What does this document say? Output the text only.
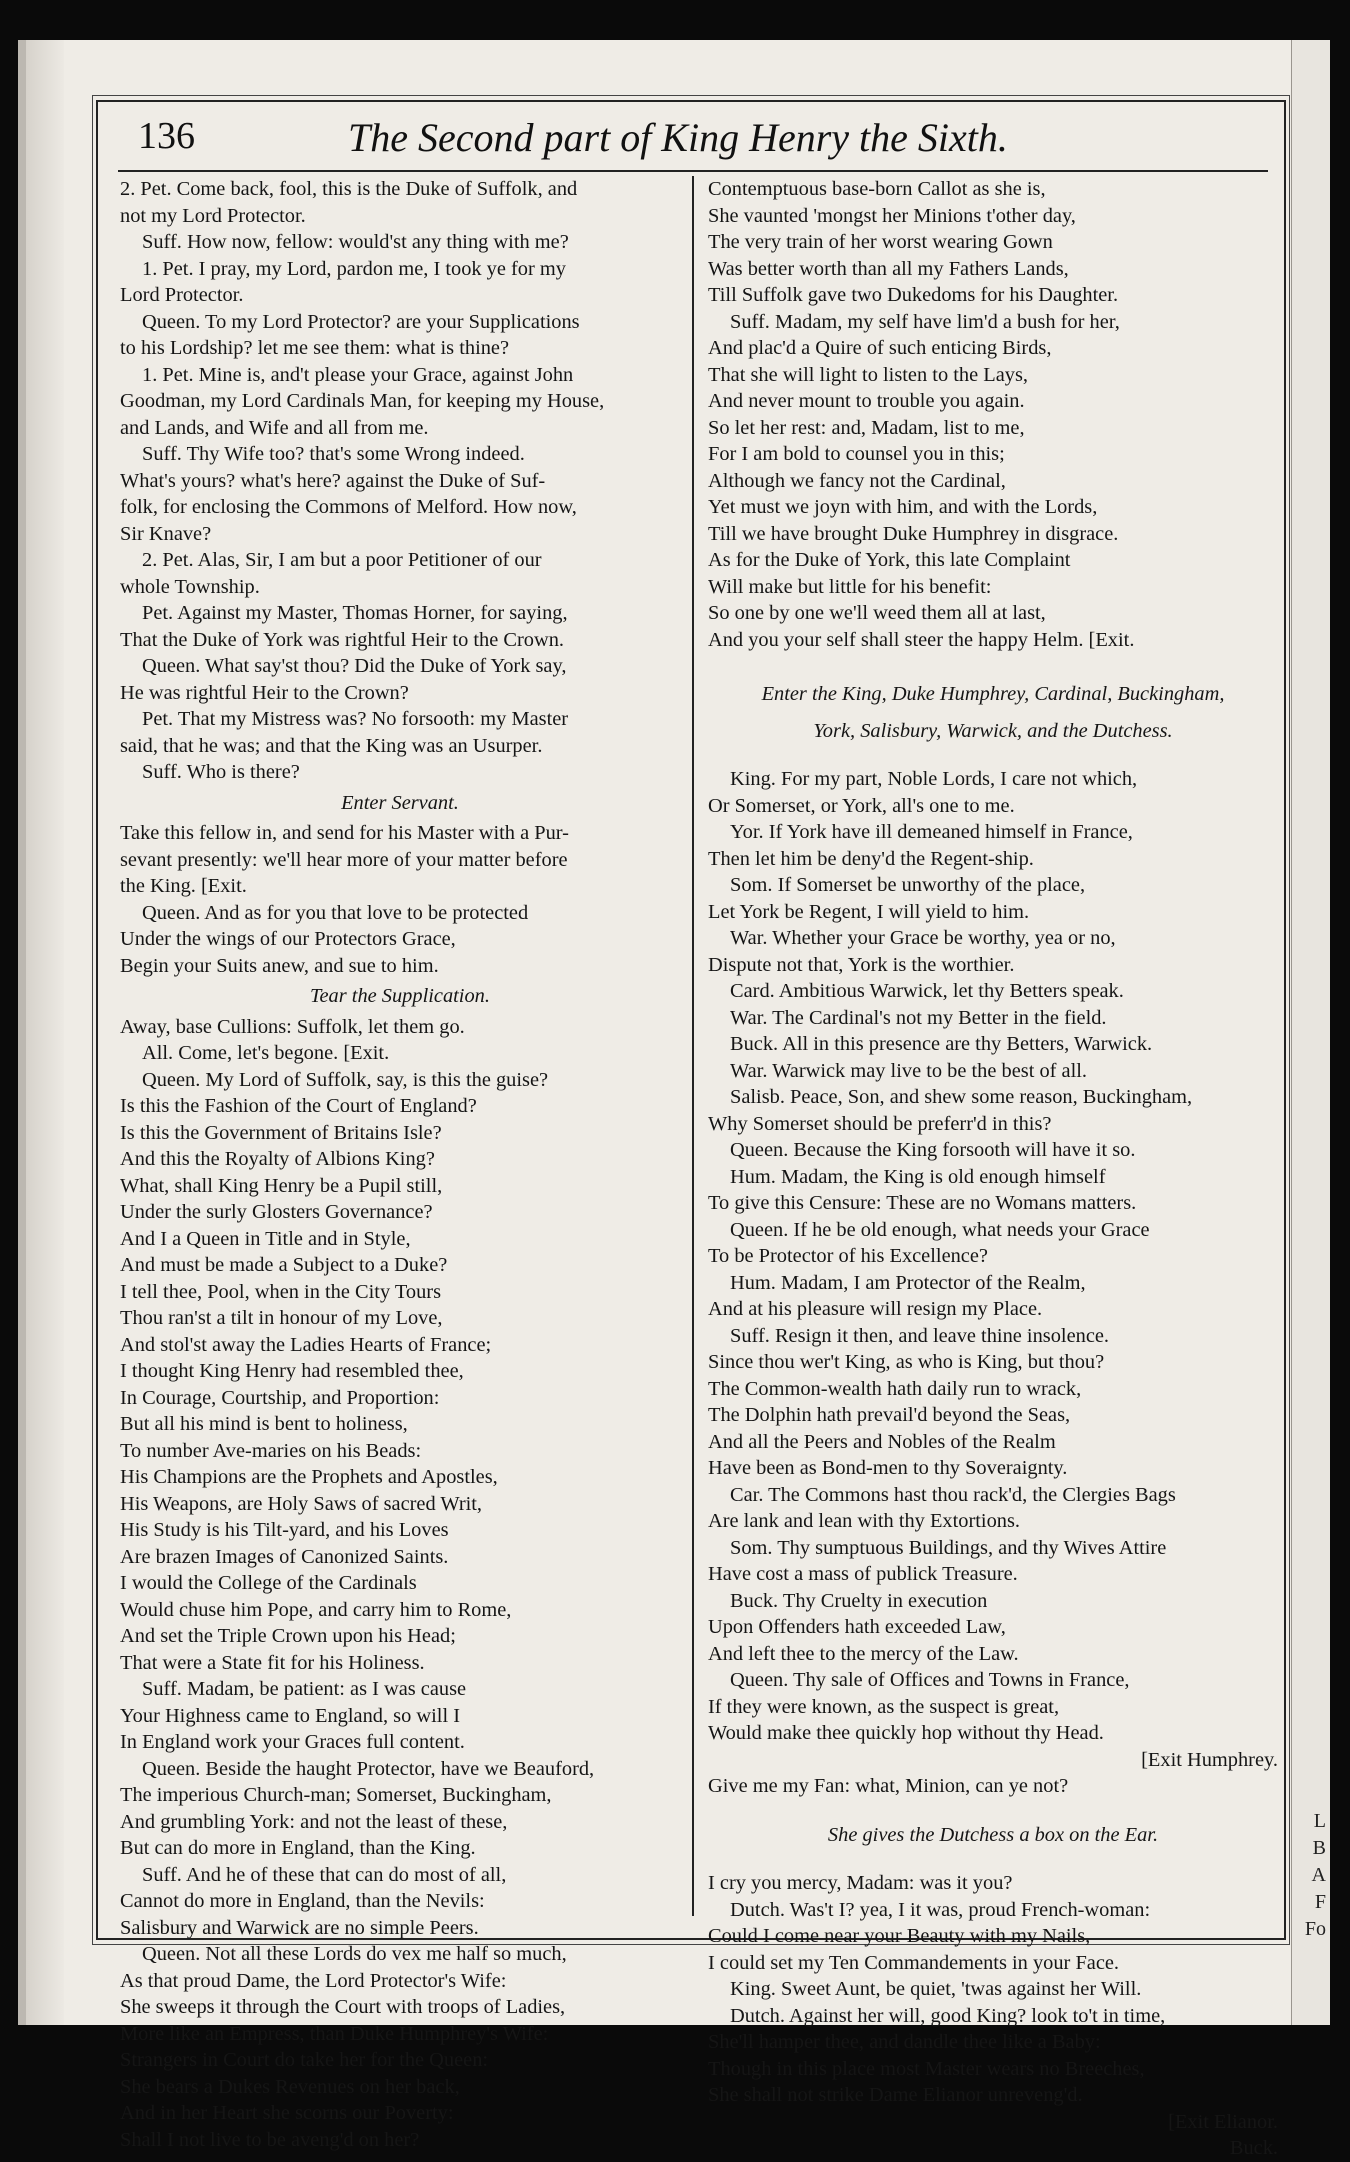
L
B
A
F
Fo
136	The Second part of King Henry the Sixth.

2. Pet. Come back, fool, this is the Duke of Suffolk, and

not my Lord Protector.

Suff. How now, fellow: would'st any thing with me?

1. Pet. I pray, my Lord, pardon me, I took ye for my

Lord Protector.

Queen. To my Lord Protector? are your Supplications

to his Lordship? let me see them: what is thine?

1. Pet. Mine is, and't please your Grace, against John

Goodman, my Lord Cardinals Man, for keeping my House,

and Lands, and Wife and all from me.

Suff. Thy Wife too? that's some Wrong indeed.

What's yours? what's here? against the Duke of Suf-

folk, for enclosing the Commons of Melford. How now,

Sir Knave?

2. Pet. Alas, Sir, I am but a poor Petitioner of our

whole Township.

Pet. Against my Master, Thomas Horner, for saying,

That the Duke of York was rightful Heir to the Crown.

Queen. What say'st thou? Did the Duke of York say,

He was rightful Heir to the Crown?

Pet. That my Mistress was? No forsooth: my Master

said, that he was; and that the King was an Usurper.

Suff. Who is there?

Enter Servant.

Take this fellow in, and send for his Master with a Pur-

sevant presently: we'll hear more of your matter before

the King. [Exit.

Queen. And as for you that love to be protected

Under the wings of our Protectors Grace,

Begin your Suits anew, and sue to him.

Tear the Supplication.

Away, base Cullions: Suffolk, let them go.

All. Come, let's begone. [Exit.

Queen. My Lord of Suffolk, say, is this the guise?

Is this the Fashion of the Court of England?

Is this the Government of Britains Isle?

And this the Royalty of Albions King?

What, shall King Henry be a Pupil still,

Under the surly Glosters Governance?

And I a Queen in Title and in Style,

And must be made a Subject to a Duke?

I tell thee, Pool, when in the City Tours

Thou ran'st a tilt in honour of my Love,

And stol'st away the Ladies Hearts of France;

I thought King Henry had resembled thee,

In Courage, Courtship, and Proportion:

But all his mind is bent to holiness,

To number Ave-maries on his Beads:

His Champions are the Prophets and Apostles,

His Weapons, are Holy Saws of sacred Writ,

His Study is his Tilt-yard, and his Loves

Are brazen Images of Canonized Saints.

I would the College of the Cardinals

Would chuse him Pope, and carry him to Rome,

And set the Triple Crown upon his Head;

That were a State fit for his Holiness.

Suff. Madam, be patient: as I was cause

Your Highness came to England, so will I

In England work your Graces full content.

Queen. Beside the haught Protector, have we Beauford,

The imperious Church-man; Somerset, Buckingham,

And grumbling York: and not the least of these,

But can do more in England, than the King.

Suff. And he of these that can do most of all,

Cannot do more in England, than the Nevils:

Salisbury and Warwick are no simple Peers.

Queen. Not all these Lords do vex me half so much,

As that proud Dame, the Lord Protector's Wife:

She sweeps it through the Court with troops of Ladies,

More like an Empress, than Duke Humphrey's Wife:

Strangers in Court do take her for the Queen:

She bears a Dukes Revenues on her back,

And in her Heart she scorns our Poverty:

Shall I not live to be aveng'd on her?

Contemptuous base-born Callot as she is,

She vaunted 'mongst her Minions t'other day,

The very train of her worst wearing Gown

Was better worth than all my Fathers Lands,

Till Suffolk gave two Dukedoms for his Daughter.

Suff. Madam, my self have lim'd a bush for her,

And plac'd a Quire of such enticing Birds,

That she will light to listen to the Lays,

And never mount to trouble you again.

So let her rest: and, Madam, list to me,

For I am bold to counsel you in this;

Although we fancy not the Cardinal,

Yet must we joyn with him, and with the Lords,

Till we have brought Duke Humphrey in disgrace.

As for the Duke of York, this late Complaint

Will make but little for his benefit:

So one by one we'll weed them all at last,

And you your self shall steer the happy Helm. [Exit.

Enter the King, Duke Humphrey, Cardinal, Buckingham,

York, Salisbury, Warwick, and the Dutchess.

King. For my part, Noble Lords, I care not which,

Or Somerset, or York, all's one to me.

Yor. If York have ill demeaned himself in France,

Then let him be deny'd the Regent-ship.

Som. If Somerset be unworthy of the place,

Let York be Regent, I will yield to him.

War. Whether your Grace be worthy, yea or no,

Dispute not that, York is the worthier.

Card. Ambitious Warwick, let thy Betters speak.

War. The Cardinal's not my Better in the field.

Buck. All in this presence are thy Betters, Warwick.

War. Warwick may live to be the best of all.

Salisb. Peace, Son, and shew some reason, Buckingham,

Why Somerset should be preferr'd in this?

Queen. Because the King forsooth will have it so.

Hum. Madam, the King is old enough himself

To give this Censure: These are no Womans matters.

Queen. If he be old enough, what needs your Grace

To be Protector of his Excellence?

Hum. Madam, I am Protector of the Realm,

And at his pleasure will resign my Place.

Suff. Resign it then, and leave thine insolence.

Since thou wer't King, as who is King, but thou?

The Common-wealth hath daily run to wrack,

The Dolphin hath prevail'd beyond the Seas,

And all the Peers and Nobles of the Realm

Have been as Bond-men to thy Soveraignty.

Car. The Commons hast thou rack'd, the Clergies Bags

Are lank and lean with thy Extortions.

Som. Thy sumptuous Buildings, and thy Wives Attire

Have cost a mass of publick Treasure.

Buck. Thy Cruelty in execution

Upon Offenders hath exceeded Law,

And left thee to the mercy of the Law.

Queen. Thy sale of Offices and Towns in France,

If they were known, as the suspect is great,

Would make thee quickly hop without thy Head.

[Exit Humphrey.

Give me my Fan: what, Minion, can ye not?

She gives the Dutchess a box on the Ear.

I cry you mercy, Madam: was it you?

Dutch. Was't I? yea, I it was, proud French-woman:

Could I come near your Beauty with my Nails,

I could set my Ten Commandements in your Face.

King. Sweet Aunt, be quiet, 'twas against her Will.

Dutch. Against her will, good King? look to't in time,

She'll hamper thee, and dandle thee like a Baby:

Though in this place most Master wears no Breeches,

She shall not strike Dame Elianor unreveng'd.

[Exit Elianor.

Buck.
